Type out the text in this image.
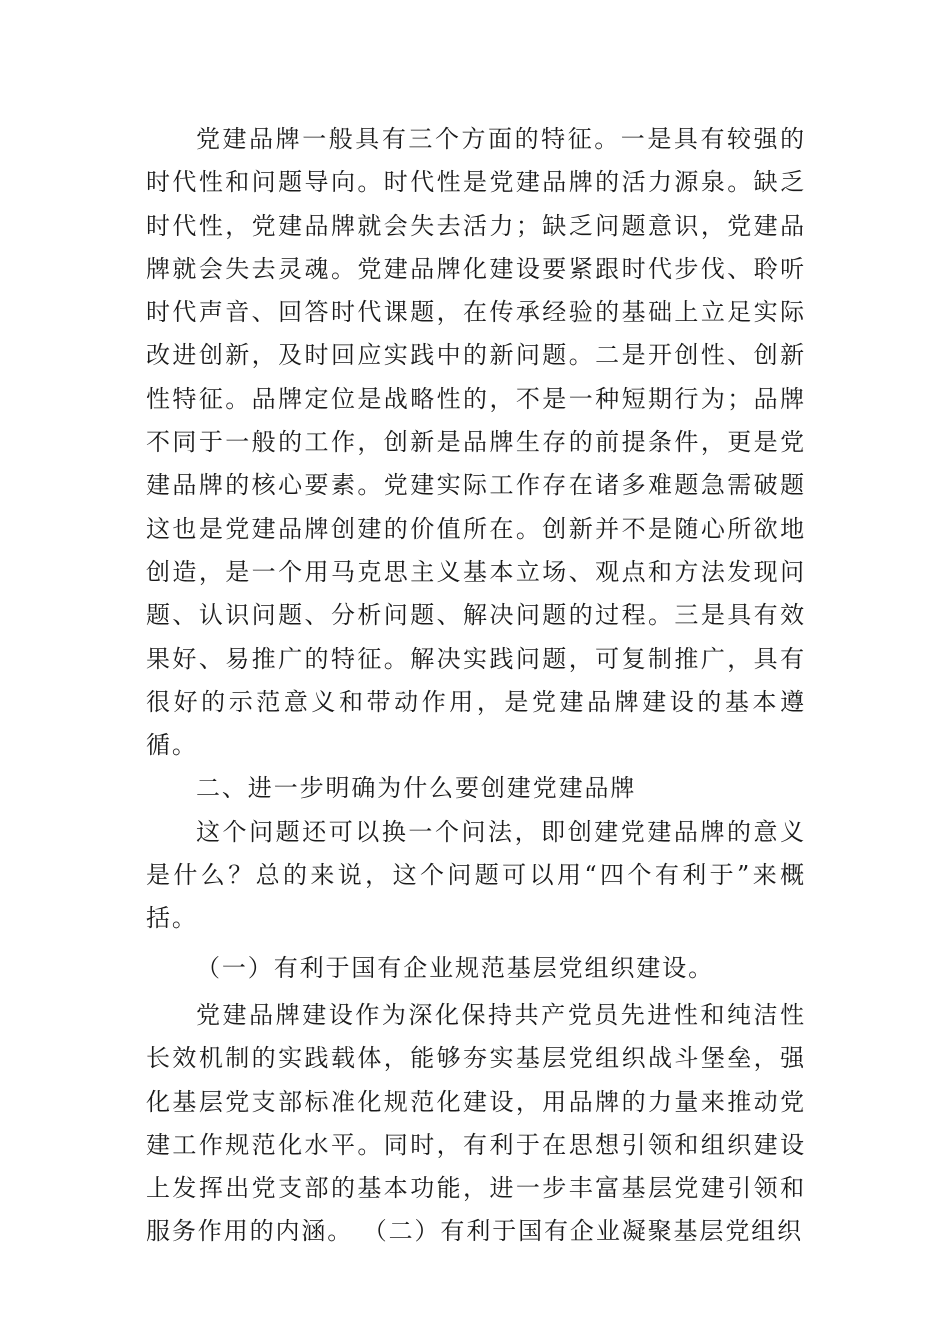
党建品牌一般具有三个方面的特征。一是具有较强的时代性和问题导向。时代性是党建品牌的活力源泉。缺乏时代性，党建品牌就会失去活力；缺乏问题意识，党建品牌就会失去灵魂。党建品牌化建设要紧跟时代步伐、聆听时代声音、回答时代课题，在传承经验的基础上立足实际改进创新，及时回应实践中的新问题。二是开创性、创新性特征。品牌定位是战略性的，不是一种短期行为；品牌不同于一般的工作，创新是品牌生存的前提条件，更是党建品牌的核心要素。党建实际工作存在诸多难题急需破题这也是党建品牌创建的价值所在。创新并不是随心所欲地创造，是一个用马克思主义基本立场、观点和方法发现问题、认识问题、分析问题、解决问题的过程。三是具有效果好、易推广的特征。解决实践问题，可复制推广，具有很好的示范意义和带动作用，是党建品牌建设的基本遵循。

二、进一步明确为什么要创建党建品牌

这个问题还可以换一个问法，即创建党建品牌的意义是什么？总的来说，这个问题可以用“四个有利于”来概括。

（一）有利于国有企业规范基层党组织建设。

党建品牌建设作为深化保持共产党员先进性和纯洁性长效机制的实践载体，能够夯实基层党组织战斗堡垒，强化基层党支部标准化规范化建设，用品牌的力量来推动党建工作规范化水平。同时，有利于在思想引领和组织建设上发挥出党支部的基本功能，进一步丰富基层党建引领和服务作用的内涵。 （二）有利于国有企业凝聚基层党组织
